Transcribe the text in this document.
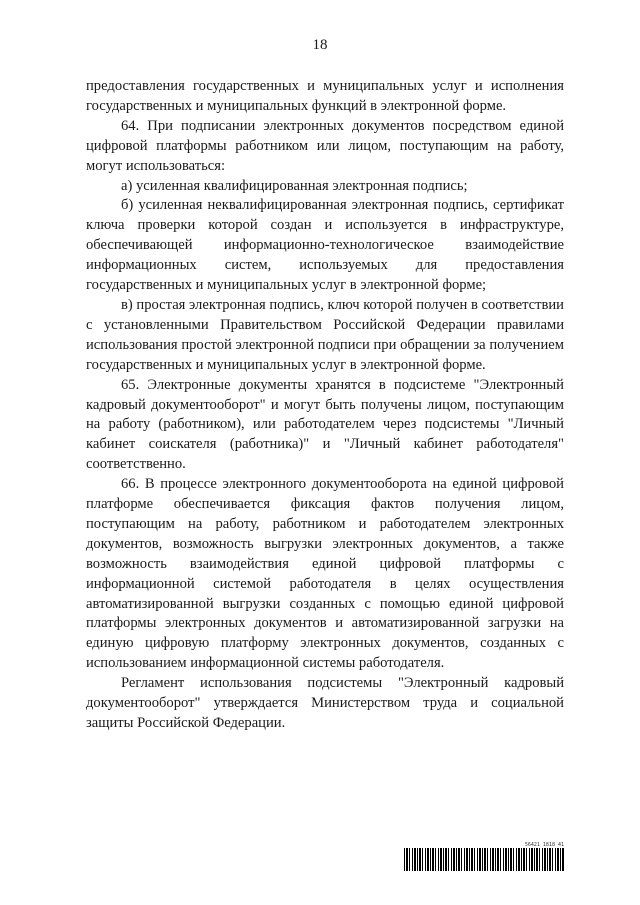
18

предоставления государственных и муниципальных услуг и исполнения государственных и муниципальных функций в электронной форме.

64. При подписании электронных документов посредством единой цифровой платформы работником или лицом, поступающим на работу, могут использоваться:

а) усиленная квалифицированная электронная подпись;

б) усиленная неквалифицированная электронная подпись, сертификат ключа проверки которой создан и используется в инфраструктуре, обеспечивающей информационно-технологическое взаимодействие информационных систем, используемых для предоставления государственных и муниципальных услуг в электронной форме;

в) простая электронная подпись, ключ которой получен в соответствии с установленными Правительством Российской Федерации правилами использования простой электронной подписи при обращении за получением государственных и муниципальных услуг в электронной форме.

65. Электронные документы хранятся в подсистеме "Электронный кадровый документооборот" и могут быть получены лицом, поступающим на работу (работником), или работодателем через подсистемы "Личный кабинет соискателя (работника)" и "Личный кабинет работодателя" соответственно.

66. В процессе электронного документооборота на единой цифровой платформе обеспечивается фиксация фактов получения лицом, поступающим на работу, работником и работодателем электронных документов, возможность выгрузки электронных документов, а также возможность взаимодействия единой цифровой платформы с информационной системой работодателя в целях осуществления автоматизированной выгрузки созданных с помощью единой цифровой платформы электронных документов и автоматизированной загрузки на единую цифровую платформу электронных документов, созданных с использованием информационной системы работодателя.

Регламент использования подсистемы "Электронный кадровый документооборот" утверждается Министерством труда и социальной защиты Российской Федерации.

56421 1818 41
